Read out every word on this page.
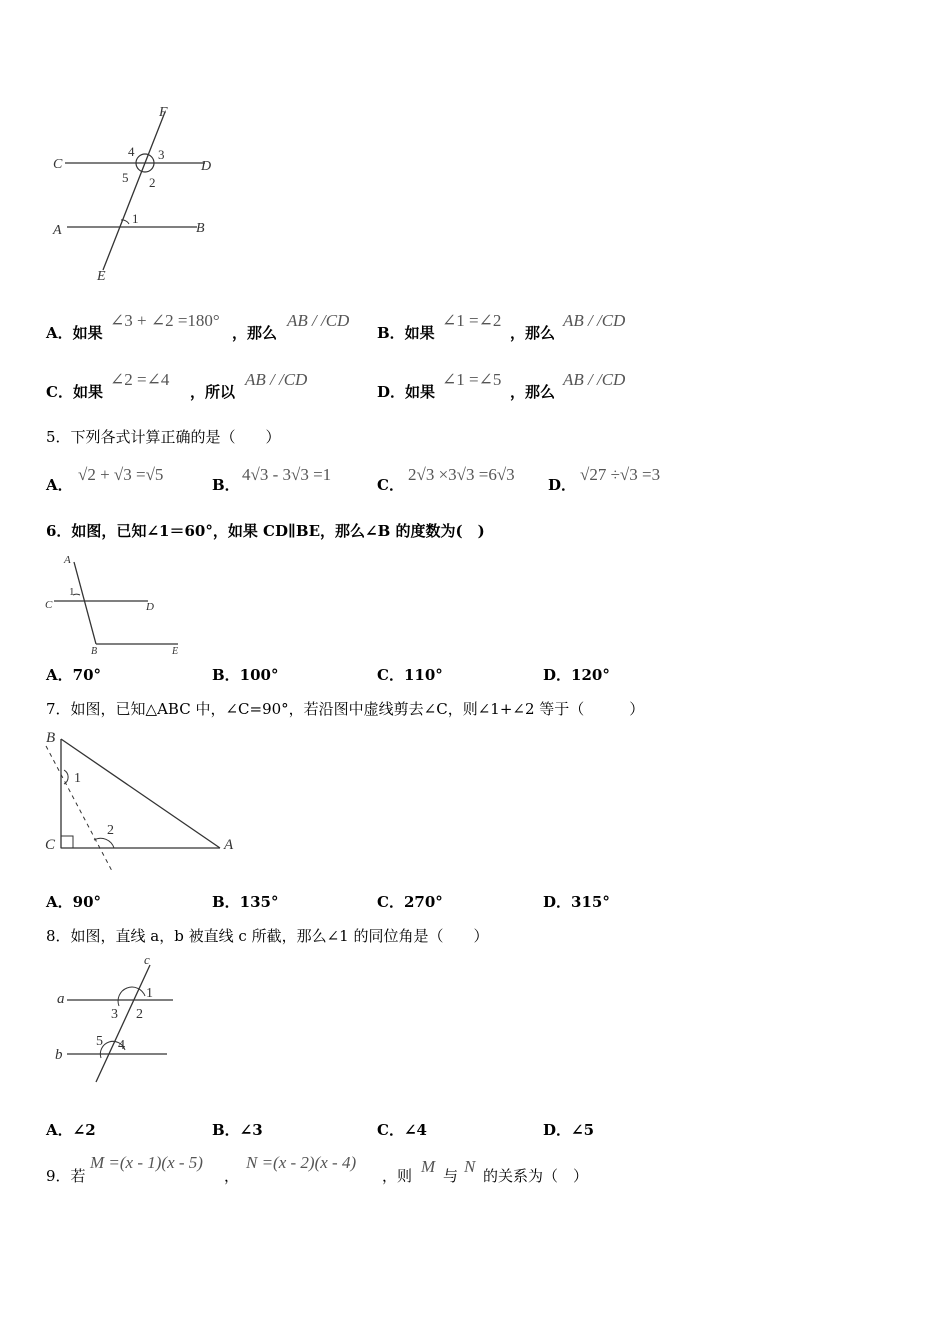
F
C	D
A	B
E
1
2
3
4
5
A．如果
∠3 + ∠2 =180°
，那么
AB / /CD
B．如果
∠1 =∠2
，那么
AB / /CD
C．如果
∠2 =∠4
，所以
AB / /CD
D．如果
∠1 =∠5
，那么
AB / /CD
5．下列各式计算正确的是（　　）
A．
√2 + √3 =√5
B．
4√3 - 3√3 =1
C．
2√3 ×3√3 =6√3
D．
√27 ÷√3 =3
6．如图，已知∠1＝60°，如果 CD∥BE，那么∠B 的度数为(　)
A
1
C	D
B	E
A．70°	B．100°	C．110°	D．120°
7．如图，已知△ABC 中，∠C=90°，若沿图中虚线剪去∠C，则∠1+∠2 等于（　　　）
B
1
C
2
A
A．90°	B．135°	C．270°	D．315°
8．如图，直线 a，b 被直线 c 所截，那么∠1 的同位角是（　　）
c
a	1
3 2
b
5 4
A．∠2	B．∠3	C．∠4	D．∠5
9．若
M =(x - 1)(x - 5)
，
N =(x - 2)(x - 4)
，则 M 与 N 的关系为（　）
